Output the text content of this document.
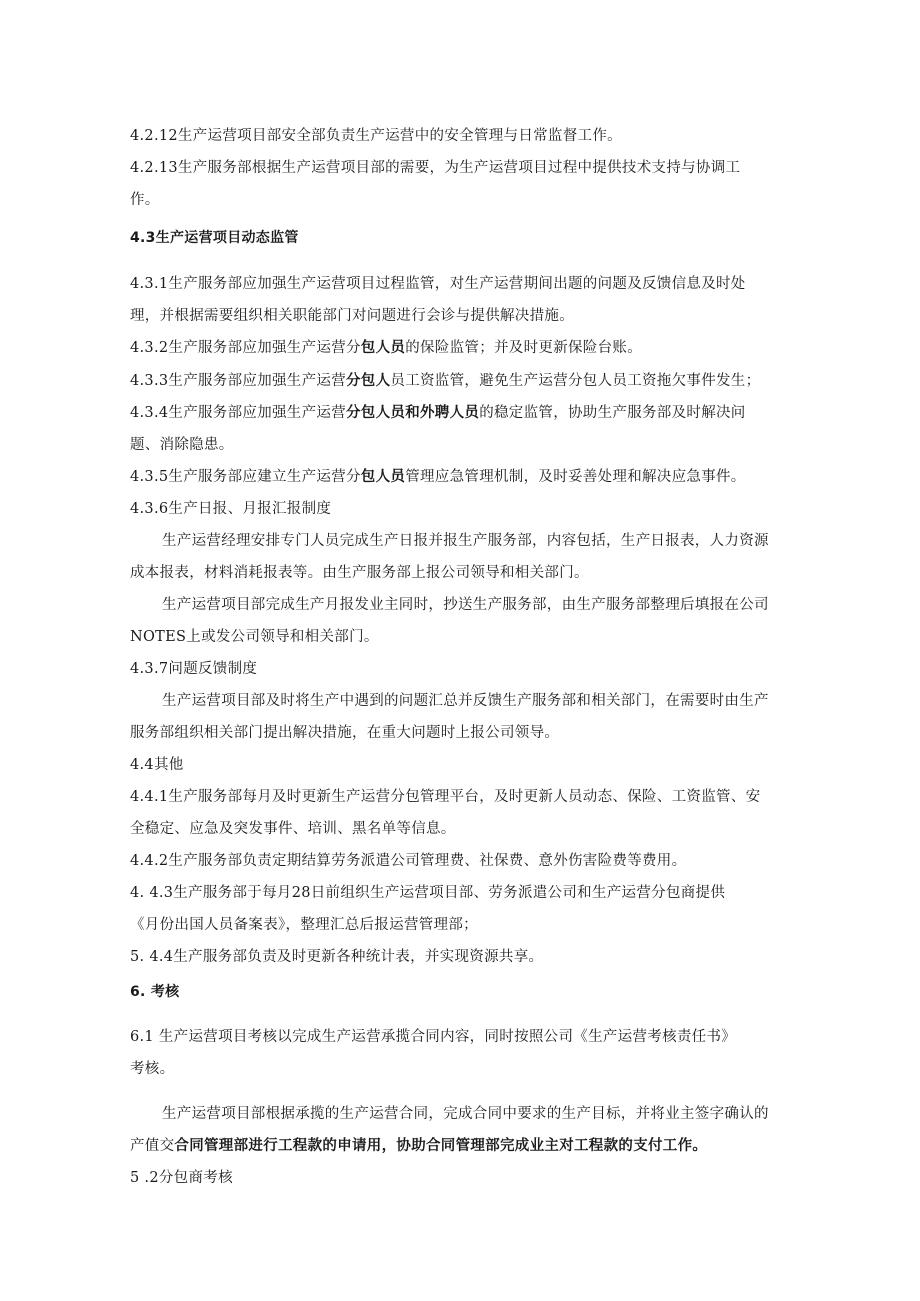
4.2.12生产运营项目部安全部负责生产运营中的安全管理与日常监督工作。
4.2.13生产服务部根据生产运营项目部的需要，为生产运营项目过程中提供技术支持与协调工
作。
4.3生产运营项目动态监管
4.3.1生产服务部应加强生产运营项目过程监管，对生产运营期间出题的问题及反馈信息及时处
理，并根据需要组织相关职能部门对问题进行会诊与提供解决措施。
4.3.2生产服务部应加强生产运营分包人员的保险监管；并及时更新保险台账。
4.3.3生产服务部应加强生产运营分包人员工资监管，避免生产运营分包人员工资拖欠事件发生；
4.3.4生产服务部应加强生产运营分包人员和外聘人员的稳定监管，协助生产服务部及时解决问
题、消除隐患。
4.3.5生产服务部应建立生产运营分包人员管理应急管理机制，及时妥善处理和解决应急事件。
4.3.6生产日报、月报汇报制度
生产运营经理安排专门人员完成生产日报并报生产服务部，内容包括，生产日报表，人力资源
成本报表，材料消耗报表等。由生产服务部上报公司领导和相关部门。
生产运营项目部完成生产月报发业主同时，抄送生产服务部，由生产服务部整理后填报在公司
NOTES上或发公司领导和相关部门。
4.3.7问题反馈制度
生产运营项目部及时将生产中遇到的问题汇总并反馈生产服务部和相关部门，在需要时由生产
服务部组织相关部门提出解决措施，在重大问题时上报公司领导。
4.4其他
4.4.1生产服务部每月及时更新生产运营分包管理平台，及时更新人员动态、保险、工资监管、安
全稳定、应急及突发事件、培训、黑名单等信息。
4.4.2生产服务部负责定期结算劳务派遣公司管理费、社保费、意外伤害险费等费用。
4. 4.3生产服务部于每月28日前组织生产运营项目部、劳务派遣公司和生产运营分包商提供
《月份出国人员备案表》，整理汇总后报运营管理部；
5. 4.4生产服务部负责及时更新各种统计表，并实现资源共享。
6. 考核
6.1 生产运营项目考核以完成生产运营承揽合同内容，同时按照公司《生产运营考核责任书》
考核。
生产运营项目部根据承揽的生产运营合同，完成合同中要求的生产目标，并将业主签字确认的
产值交合同管理部进行工程款的申请用，协助合同管理部完成业主对工程款的支付工作。
5 .2分包商考核
